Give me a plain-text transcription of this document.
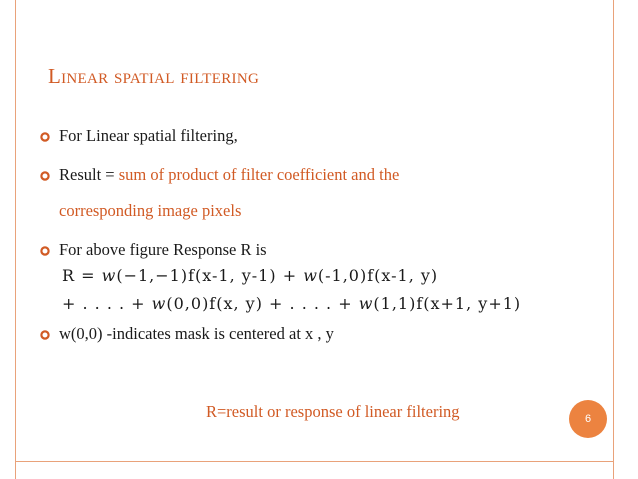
Linear spatial filtering
For Linear spatial filtering,
Result = sum of product of filter coefficient and the
corresponding image pixels
For above figure Response R is
R = w(−1,−1)f(x-1, y-1) + w(-1,0)f(x-1, y)
+ . . . . + w(0,0)f(x, y) + . . . . + w(1,1)f(x+1, y+1)
w(0,0) -indicates mask is centered at x , y
R=result or response of linear filtering	6
